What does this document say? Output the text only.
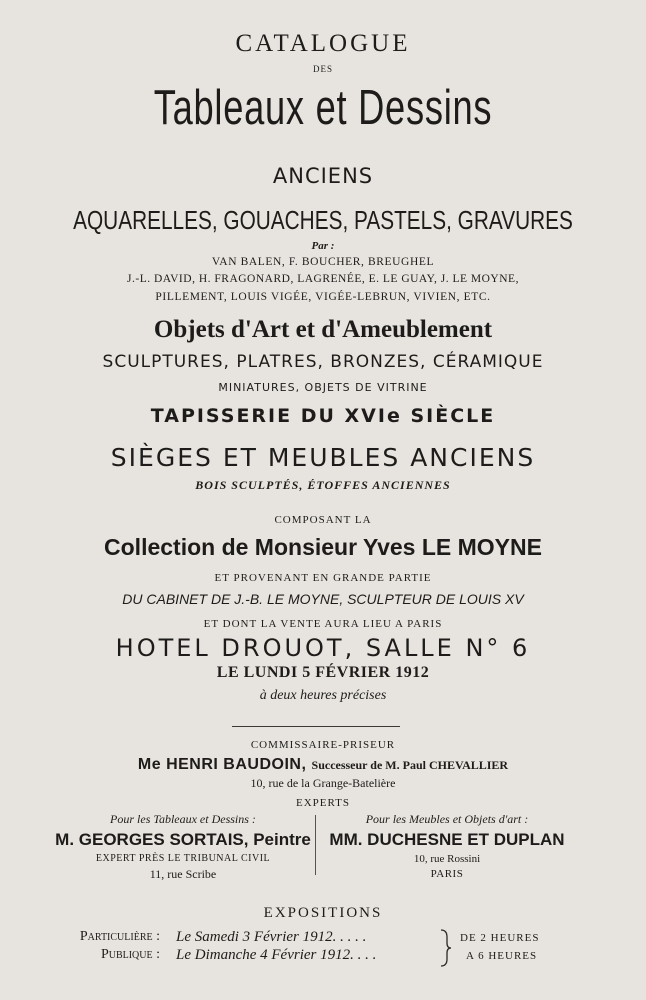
CATALOGUE
DES
Tableaux et Dessins
ANCIENS
AQUARELLES, GOUACHES, PASTELS, GRAVURES
Par :
VAN BALEN, F. BOUCHER, BREUGHEL
J.-L. DAVID, H. FRAGONARD, LAGRENÉE, E. LE GUAY, J. LE MOYNE,
PILLEMENT, LOUIS VIGÉE, VIGÉE-LEBRUN, VIVIEN, ETC.
Objets d'Art et d'Ameublement
SCULPTURES, PLATRES, BRONZES, CÉRAMIQUE
MINIATURES, OBJETS DE VITRINE
TAPISSERIE DU XVIe SIÈCLE
SIÈGES ET MEUBLES ANCIENS
BOIS SCULPTÉS, ÉTOFFES ANCIENNES
COMPOSANT LA
Collection de Monsieur Yves LE MOYNE
ET PROVENANT EN GRANDE PARTIE
DU CABINET DE J.-B. LE MOYNE, SCULPTEUR DE LOUIS XV
ET DONT LA VENTE AURA LIEU A PARIS
HOTEL DROUOT, SALLE N° 6
LE LUNDI 5 FÉVRIER 1912
à deux heures précises
COMMISSAIRE-PRISEUR
Me HENRI BAUDOIN, Successeur de M. Paul CHEVALLIER
10, rue de la Grange-Batelière
EXPERTS
Pour les Tableaux et Dessins :
M. GEORGES SORTAIS, Peintre
EXPERT PRÈS LE TRIBUNAL CIVIL
11, rue Scribe
Pour les Meubles et Objets d'art :
MM. DUCHESNE ET DUPLAN
10, rue Rossini
PARIS
EXPOSITIONS
Particulière : Le Samedi 3 Février 1912. . . . .
Publique : Le Dimanche 4 Février 1912. . . .
DE 2 HEURES
A 6 HEURES
